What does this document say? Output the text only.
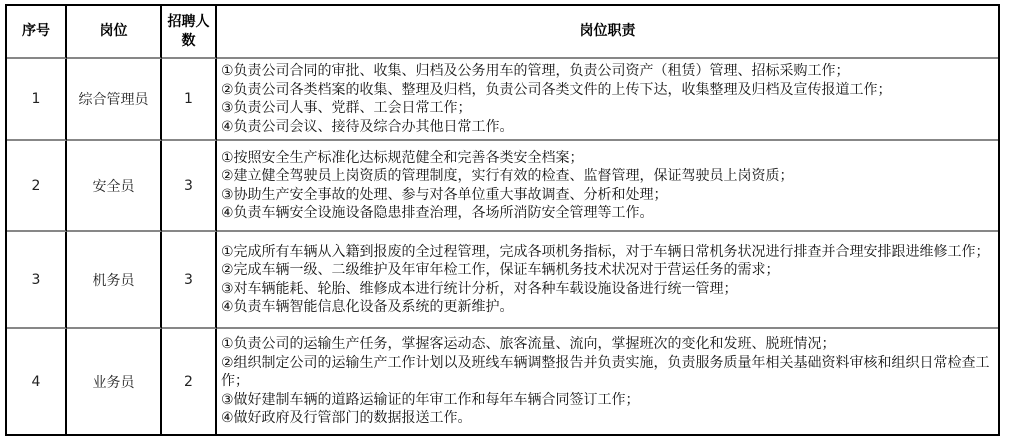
序号	岗位	招聘人数	岗位职责
1	综合管理员	1	①负责公司合同的审批、收集、归档及公务用车的管理，负责公司资产（租赁）管理、招标采购工作；
②负责公司各类档案的收集、整理及归档，负责公司各类文件的上传下达，收集整理及归档及宣传报道工作；
③负责公司人事、党群、工会日常工作；
④负责公司会议、接待及综合办其他日常工作。

2	安全员	3	①按照安全生产标准化达标规范健全和完善各类安全档案；
②建立健全驾驶员上岗资质的管理制度，实行有效的检查、监督管理，保证驾驶员上岗资质；
③协助生产安全事故的处理、参与对各单位重大事故调查、分析和处理；
④负责车辆安全设施设备隐患排查治理，各场所消防安全管理等工作。

3	机务员	3	①完成所有车辆从入籍到报废的全过程管理，完成各项机务指标，对于车辆日常机务状况进行排查并合理安排跟进维修工作；
②完成车辆一级、二级维护及年审年检工作，保证车辆机务技术状况对于营运任务的需求；
③对车辆能耗、轮胎、维修成本进行统计分析，对各种车载设施设备进行统一管理；
④负责车辆智能信息化设备及系统的更新维护。

4	业务员	2	①负责公司的运输生产任务，掌握客运动态、旅客流量、流向，掌握班次的变化和发班、脱班情况；
②组织制定公司的运输生产工作计划以及班线车辆调整报告并负责实施，负责服务质量年相关基础资料审核和组织日常检查工作；
③做好建制车辆的道路运输证的年审工作和每年车辆合同签订工作；
④做好政府及行管部门的数据报送工作。
